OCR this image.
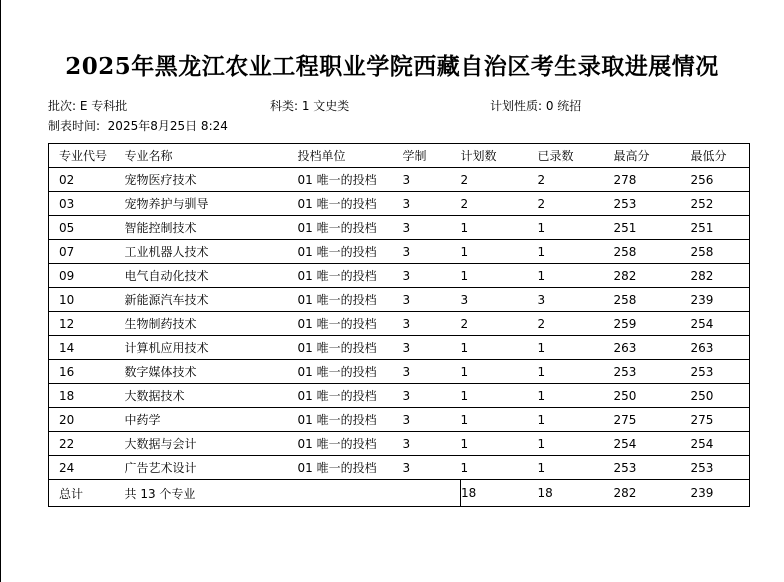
2025年黑龙江农业工程职业学院西藏自治区考生录取进展情况
批次: E 专科批	科类: 1 文史类	计划性质: 0 统招
制表时间:  2025年8月25日 8:24
专业代号	专业名称	投档单位	学制	计划数	已录数	最高分	最低分
02	宠物医疗技术	01 唯一的投档	3	2	2	278	256
03	宠物养护与驯导	01 唯一的投档	3	2	2	253	252
05	智能控制技术	01 唯一的投档	3	1	1	251	251
07	工业机器人技术	01 唯一的投档	3	1	1	258	258
09	电气自动化技术	01 唯一的投档	3	1	1	282	282
10	新能源汽车技术	01 唯一的投档	3	3	3	258	239
12	生物制药技术	01 唯一的投档	3	2	2	259	254
14	计算机应用技术	01 唯一的投档	3	1	1	263	263
16	数字媒体技术	01 唯一的投档	3	1	1	253	253
18	大数据技术	01 唯一的投档	3	1	1	250	250
20	中药学	01 唯一的投档	3	1	1	275	275
22	大数据与会计	01 唯一的投档	3	1	1	254	254
24	广告艺术设计	01 唯一的投档	3	1	1	253	253
总计	共 13 个专业			18	18	282	239
